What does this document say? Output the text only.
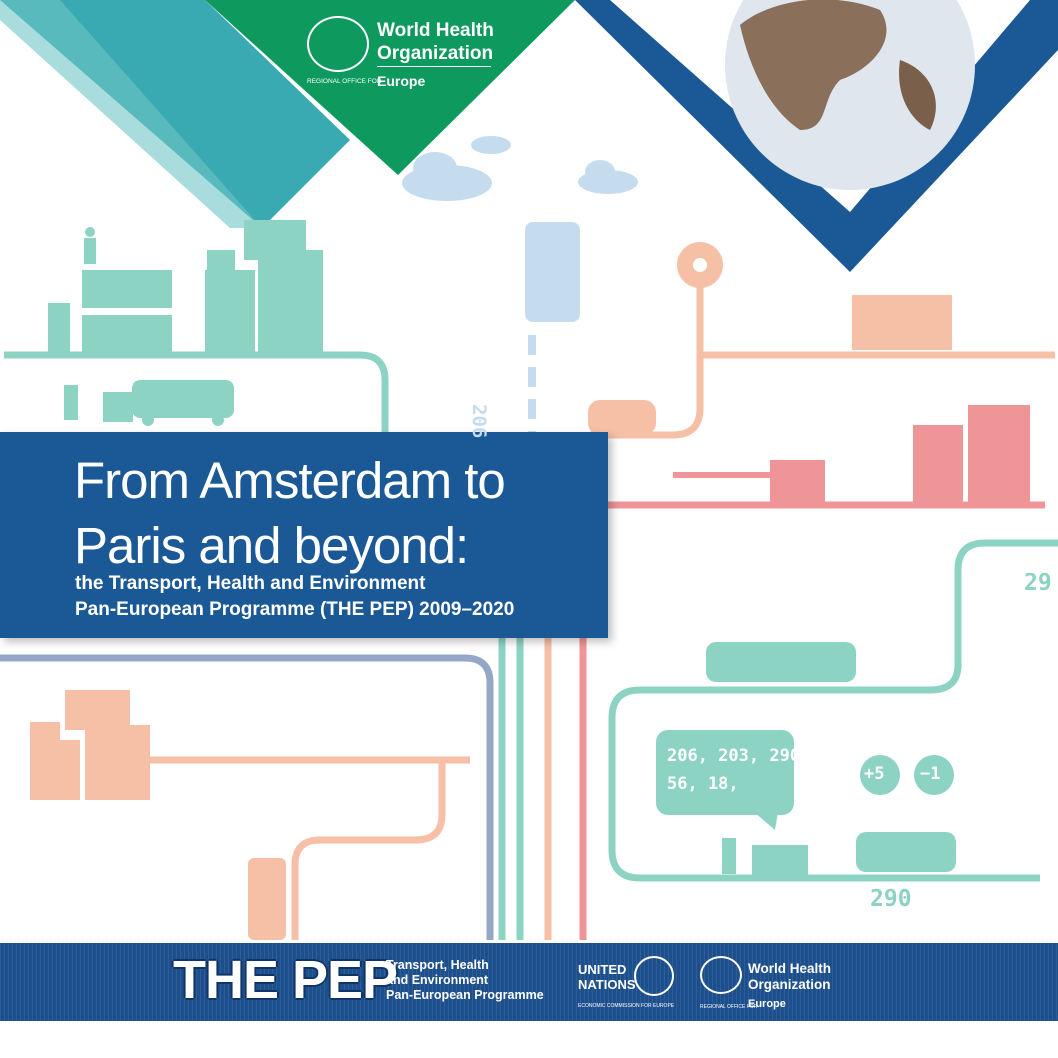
World Health
Organization
REGIONAL OFFICE FOR
Europe
From Amsterdam to
Paris and beyond:
the Transport, Health and Environment
Pan-European Programme (THE PEP) 2009–2020
206
29
206, 203, 290
56, 18,	+5 −1
290
THE PEP
Transport, Health
and Environment
Pan-European Programme
UNITED
NATIONS
ECONOMIC COMMISSION FOR EUROPE
World Health
Organization
REGIONAL OFFICE FOR
Europe
